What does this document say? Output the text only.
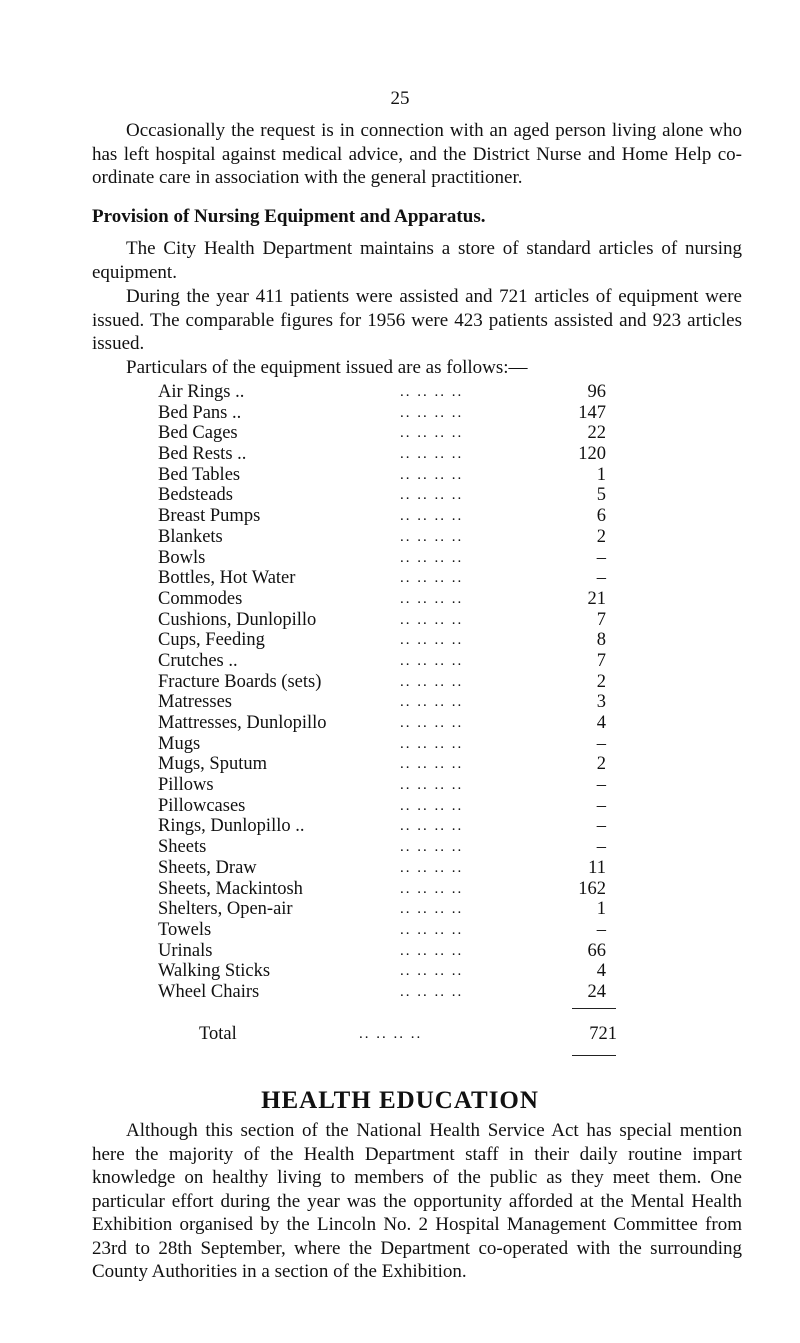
25

Occasionally the request is in connection with an aged person living alone who has left hospital against medical advice, and the District Nurse and Home Help co-ordinate care in association with the general practitioner.

Provision of Nursing Equipment and Apparatus.

The City Health Department maintains a store of standard articles of nursing equipment.

During the year 411 patients were assisted and 721 articles of equipment were issued. The comparable figures for 1956 were 423 patients assisted and 923 articles issued.

Particulars of the equipment issued are as follows:—

Air Rings ..	.. .. .. ..	96
Bed Pans ..	.. .. .. ..	147
Bed Cages	.. .. .. ..	22
Bed Rests ..	.. .. .. ..	120
Bed Tables	.. .. .. ..	1
Bedsteads	.. .. .. ..	5
Breast Pumps	.. .. .. ..	6
Blankets	.. .. .. ..	2
Bowls	.. .. .. ..	–
Bottles, Hot Water	.. .. .. ..	–
Commodes	.. .. .. ..	21
Cushions, Dunlopillo	.. .. .. ..	7
Cups, Feeding	.. .. .. ..	8
Crutches ..	.. .. .. ..	7
Fracture Boards (sets)	.. .. .. ..	2
Matresses	.. .. .. ..	3
Mattresses, Dunlopillo	.. .. .. ..	4
Mugs	.. .. .. ..	–
Mugs, Sputum	.. .. .. ..	2
Pillows	.. .. .. ..	–
Pillowcases	.. .. .. ..	–
Rings, Dunlopillo ..	.. .. .. ..	–
Sheets	.. .. .. ..	–
Sheets, Draw	.. .. .. ..	11
Sheets, Mackintosh	.. .. .. ..	162
Shelters, Open-air	.. .. .. ..	1
Towels	.. .. .. ..	–
Urinals	.. .. .. ..	66
Walking Sticks	.. .. .. ..	4
Wheel Chairs	.. .. .. ..	24
Total	.. .. .. ..	721
HEALTH EDUCATION

Although this section of the National Health Service Act has special mention here the majority of the Health Department staff in their daily routine impart knowledge on healthy living to members of the public as they meet them. One particular effort during the year was the opportunity afforded at the Mental Health Exhibition organised by the Lincoln No. 2 Hospital Management Committee from 23rd to 28th September, where the Department co-operated with the surrounding County Authorities in a section of the Exhibition.
